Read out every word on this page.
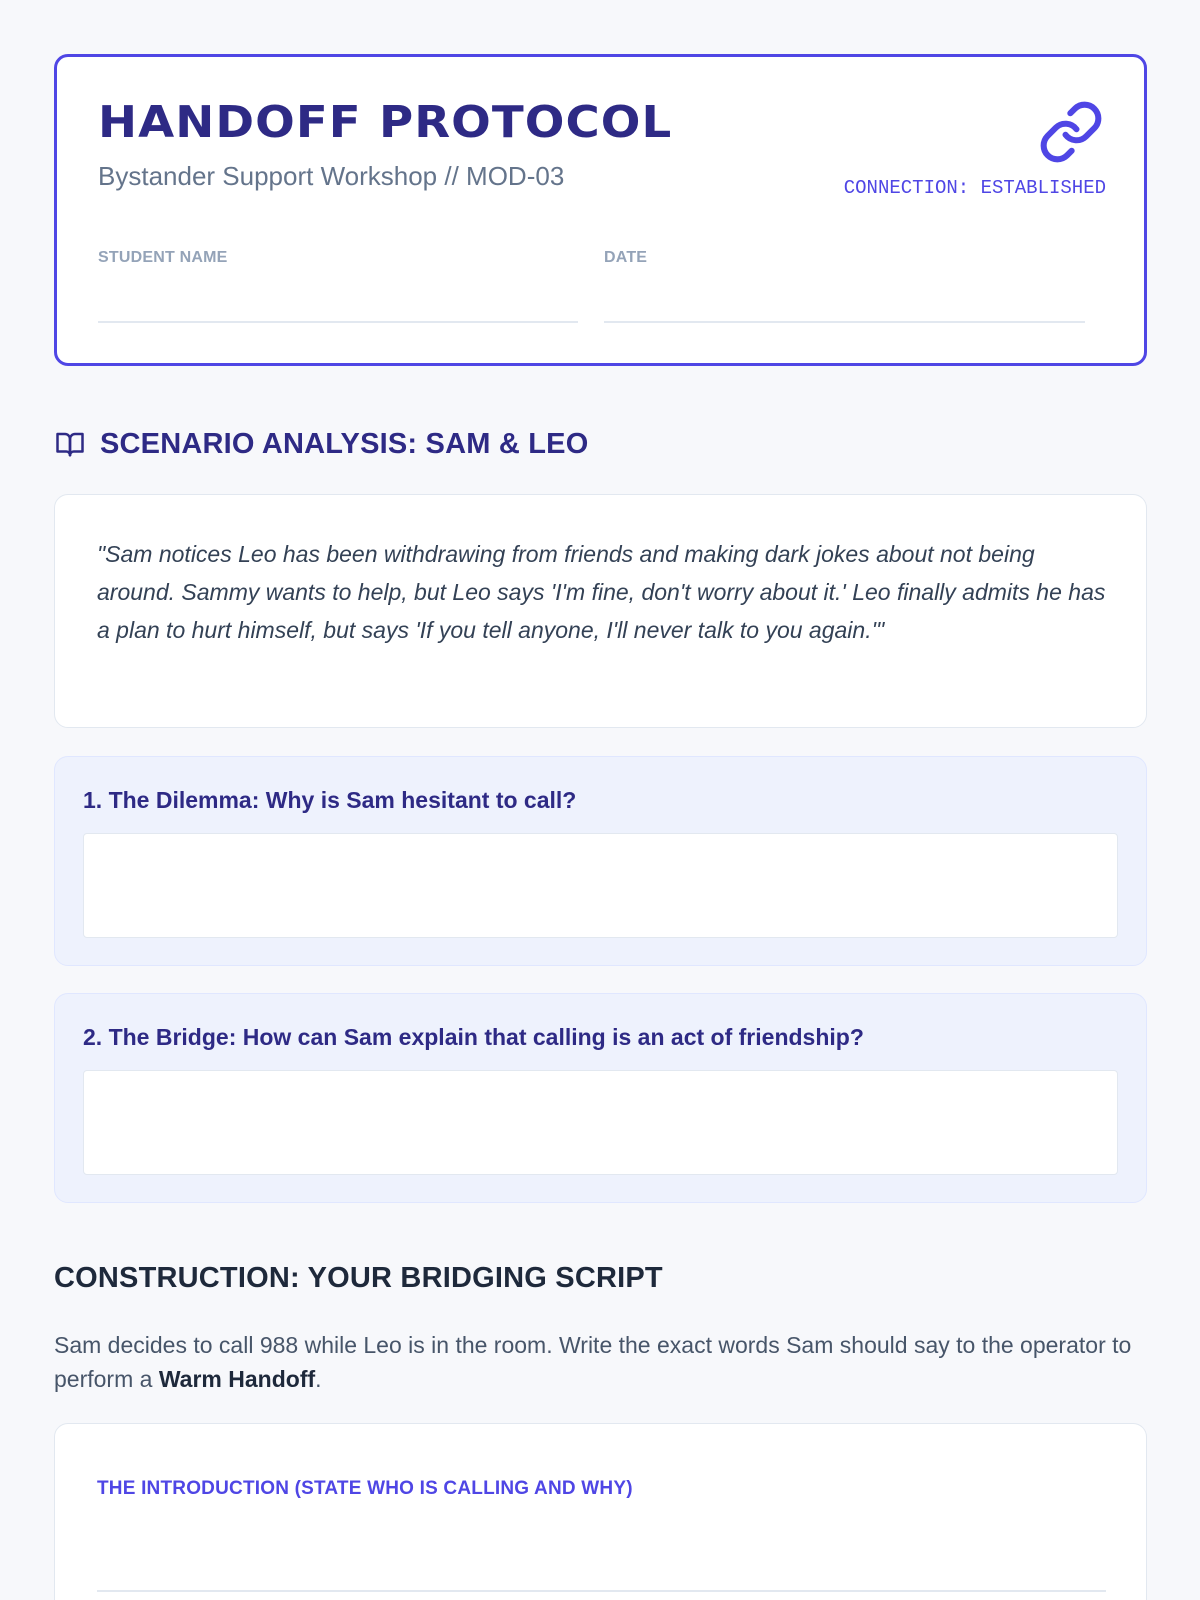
HANDOFF PROTOCOL
Bystander Support Workshop // MOD-03	CONNECTION: ESTABLISHED
STUDENT NAME	DATE
SCENARIO ANALYSIS: SAM & LEO

"Sam notices Leo has been withdrawing from friends and making dark jokes about not being around. Sammy wants to help, but Leo says 'I'm fine, don't worry about it.' Leo finally admits he has a plan to hurt himself, but says 'If you tell anyone, I'll never talk to you again.'"

1. The Dilemma: Why is Sam hesitant to call?
2. The Bridge: How can Sam explain that calling is an act of friendship?
CONSTRUCTION: YOUR BRIDGING SCRIPT

Sam decides to call 988 while Leo is in the room. Write the exact words Sam should say to the operator to perform a Warm Handoff.

THE INTRODUCTION (STATE WHO IS CALLING AND WHY)
